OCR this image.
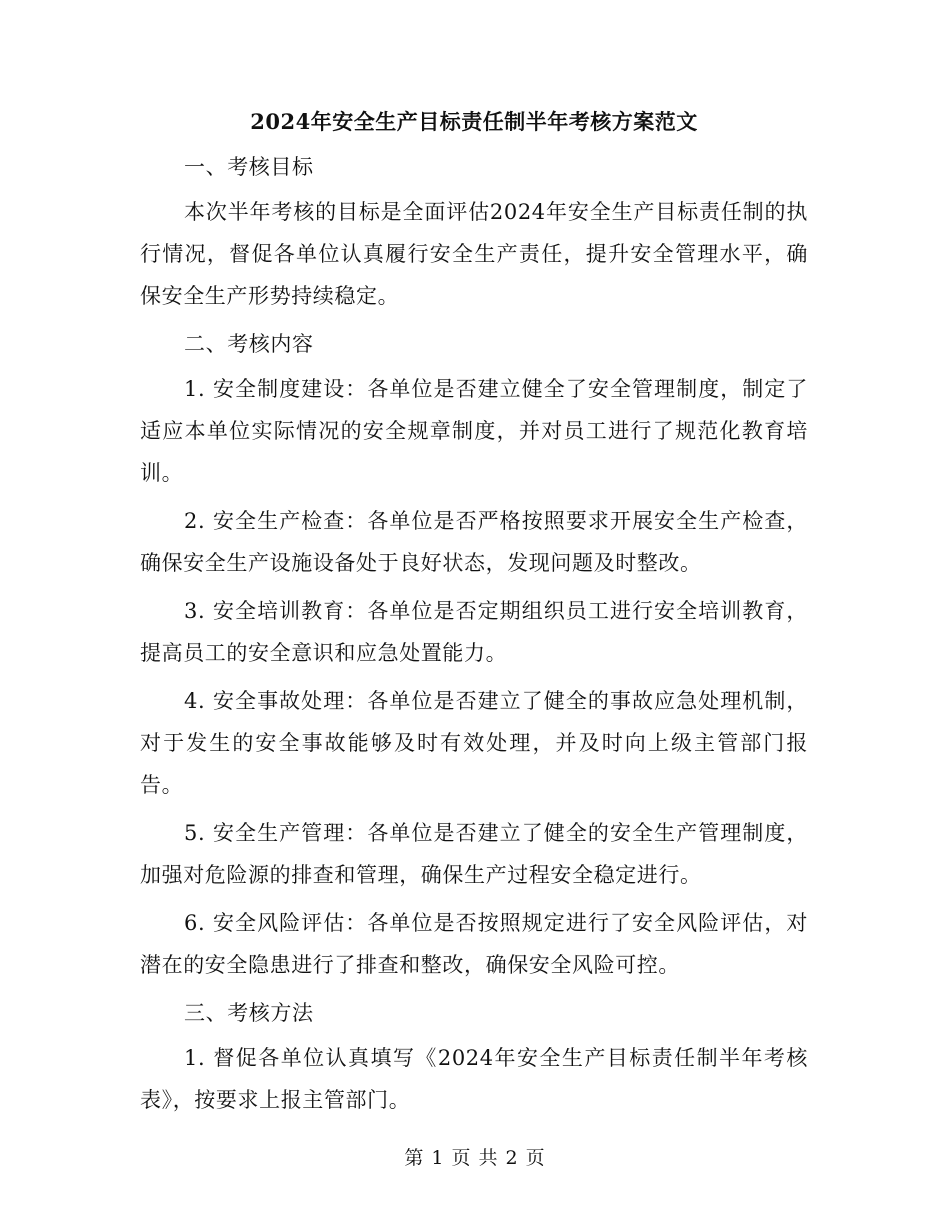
2024年安全生产目标责任制半年考核方案范文

一、考核目标

本次半年考核的目标是全面评估2024年安全生产目标责任制的执行情况，督促各单位认真履行安全生产责任，提升安全管理水平，确保安全生产形势持续稳定。

二、考核内容

1. 安全制度建设：各单位是否建立健全了安全管理制度，制定了适应本单位实际情况的安全规章制度，并对员工进行了规范化教育培训。

2. 安全生产检查：各单位是否严格按照要求开展安全生产检查，确保安全生产设施设备处于良好状态，发现问题及时整改。

3. 安全培训教育：各单位是否定期组织员工进行安全培训教育，提高员工的安全意识和应急处置能力。

4. 安全事故处理：各单位是否建立了健全的事故应急处理机制，对于发生的安全事故能够及时有效处理，并及时向上级主管部门报告。

5. 安全生产管理：各单位是否建立了健全的安全生产管理制度，加强对危险源的排查和管理，确保生产过程安全稳定进行。

6. 安全风险评估：各单位是否按照规定进行了安全风险评估，对潜在的安全隐患进行了排查和整改，确保安全风险可控。

三、考核方法

1. 督促各单位认真填写《2024年安全生产目标责任制半年考核表》，按要求上报主管部门。

第 1 页 共 2 页
